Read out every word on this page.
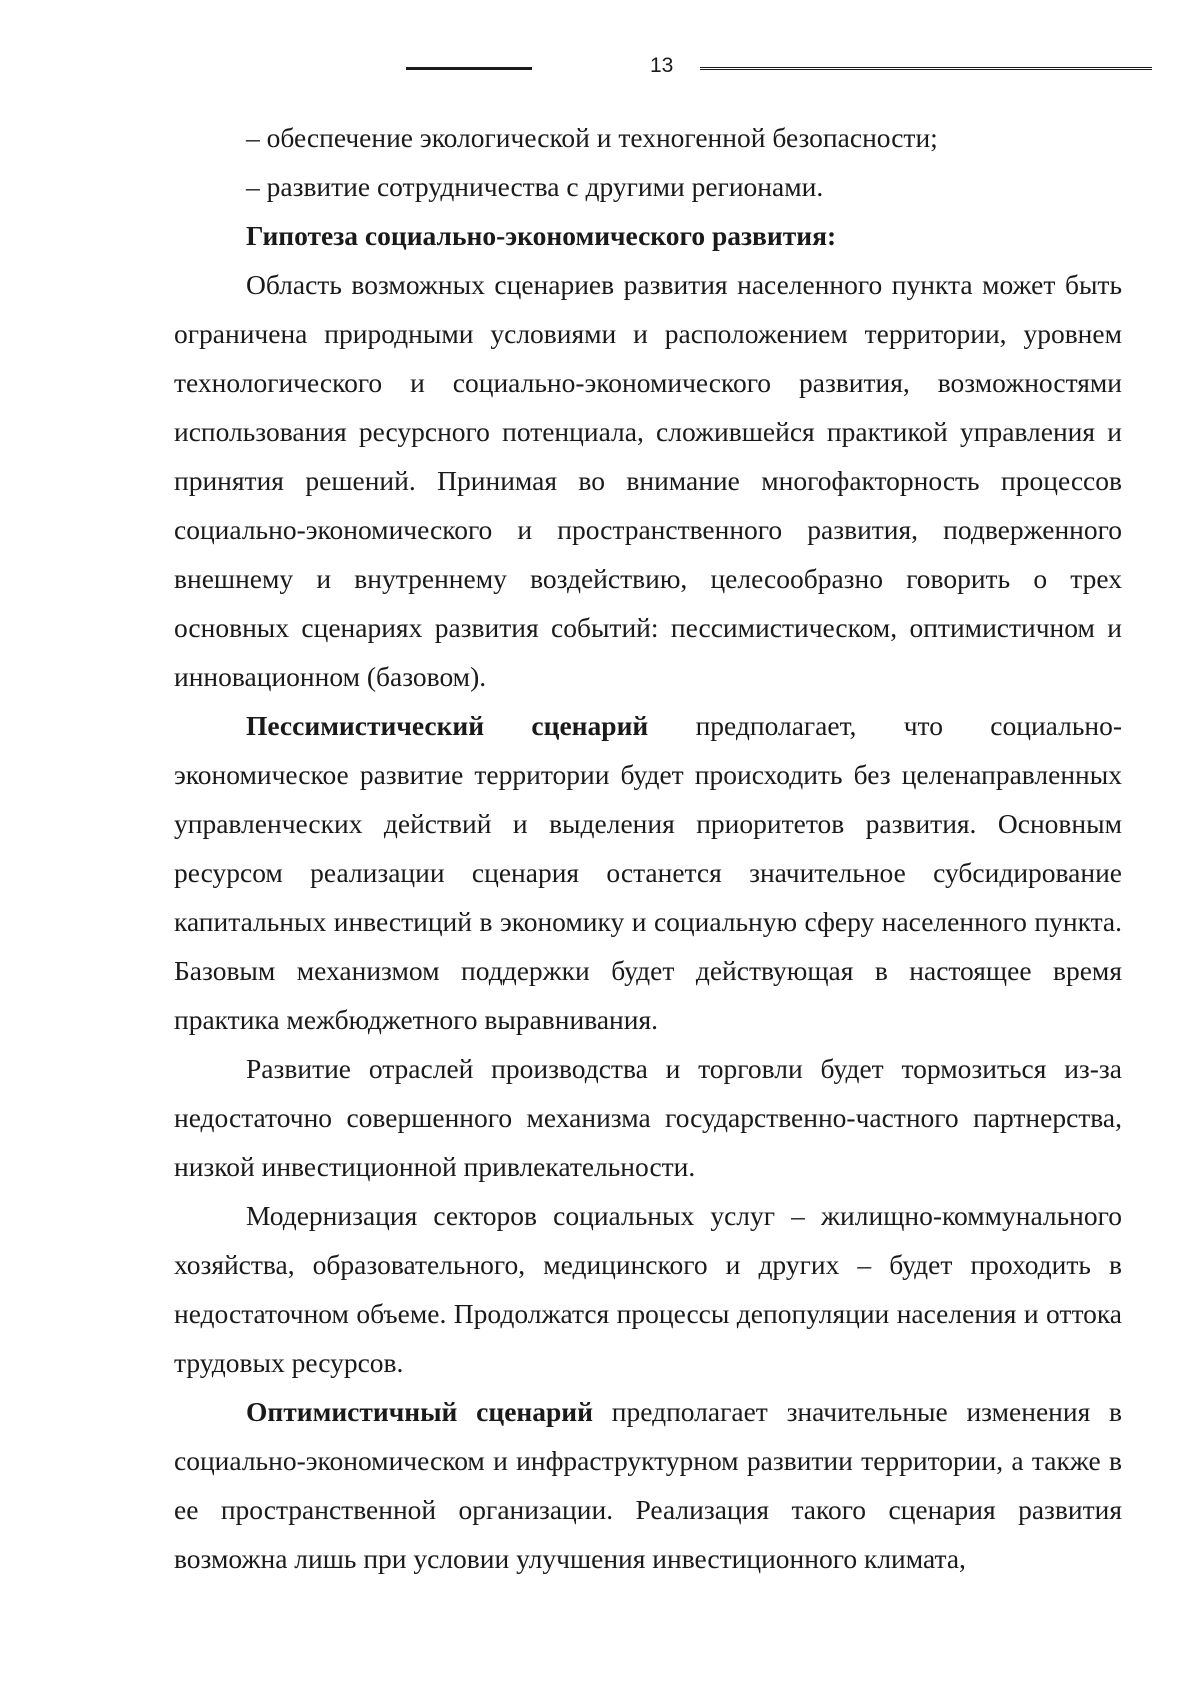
13

– обеспечение экологической и техногенной безопасности;

– развитие сотрудничества с другими регионами.

Гипотеза социально-экономического развития:

Область возможных сценариев развития населенного пункта может быть ограничена природными условиями и расположением территории, уровнем технологического и социально-экономического развития, возможностями использования ресурсного потенциала, сложившейся практикой управления и принятия решений. Принимая во внимание многофакторность процессов социально-экономического и пространственного развития, подверженного внешнему и внутреннему воздействию, целесообразно говорить о трех основных сценариях развития событий: пессимистическом, оптимистичном и инновационном (базовом).

Пессимистический сценарий предполагает, что социально-экономическое развитие территории будет происходить без целенаправленных управленческих действий и выделения приоритетов развития. Основным ресурсом реализации сценария останется значительное субсидирование капитальных инвестиций в экономику и социальную сферу населенного пункта. Базовым механизмом поддержки будет действующая в настоящее время практика межбюджетного выравнивания.

Развитие отраслей производства и торговли будет тормозиться из-за недостаточно совершенного механизма государственно-частного партнерства, низкой инвестиционной привлекательности.

Модернизация секторов социальных услуг – жилищно-коммунального хозяйства, образовательного, медицинского и других – будет проходить в недостаточном объеме. Продолжатся процессы депопуляции населения и оттока трудовых ресурсов.

Оптимистичный сценарий предполагает значительные изменения в социально-экономическом и инфраструктурном развитии территории, а также в ее пространственной организации. Реализация такого сценария развития возможна лишь при условии улучшения инвестиционного климата,
